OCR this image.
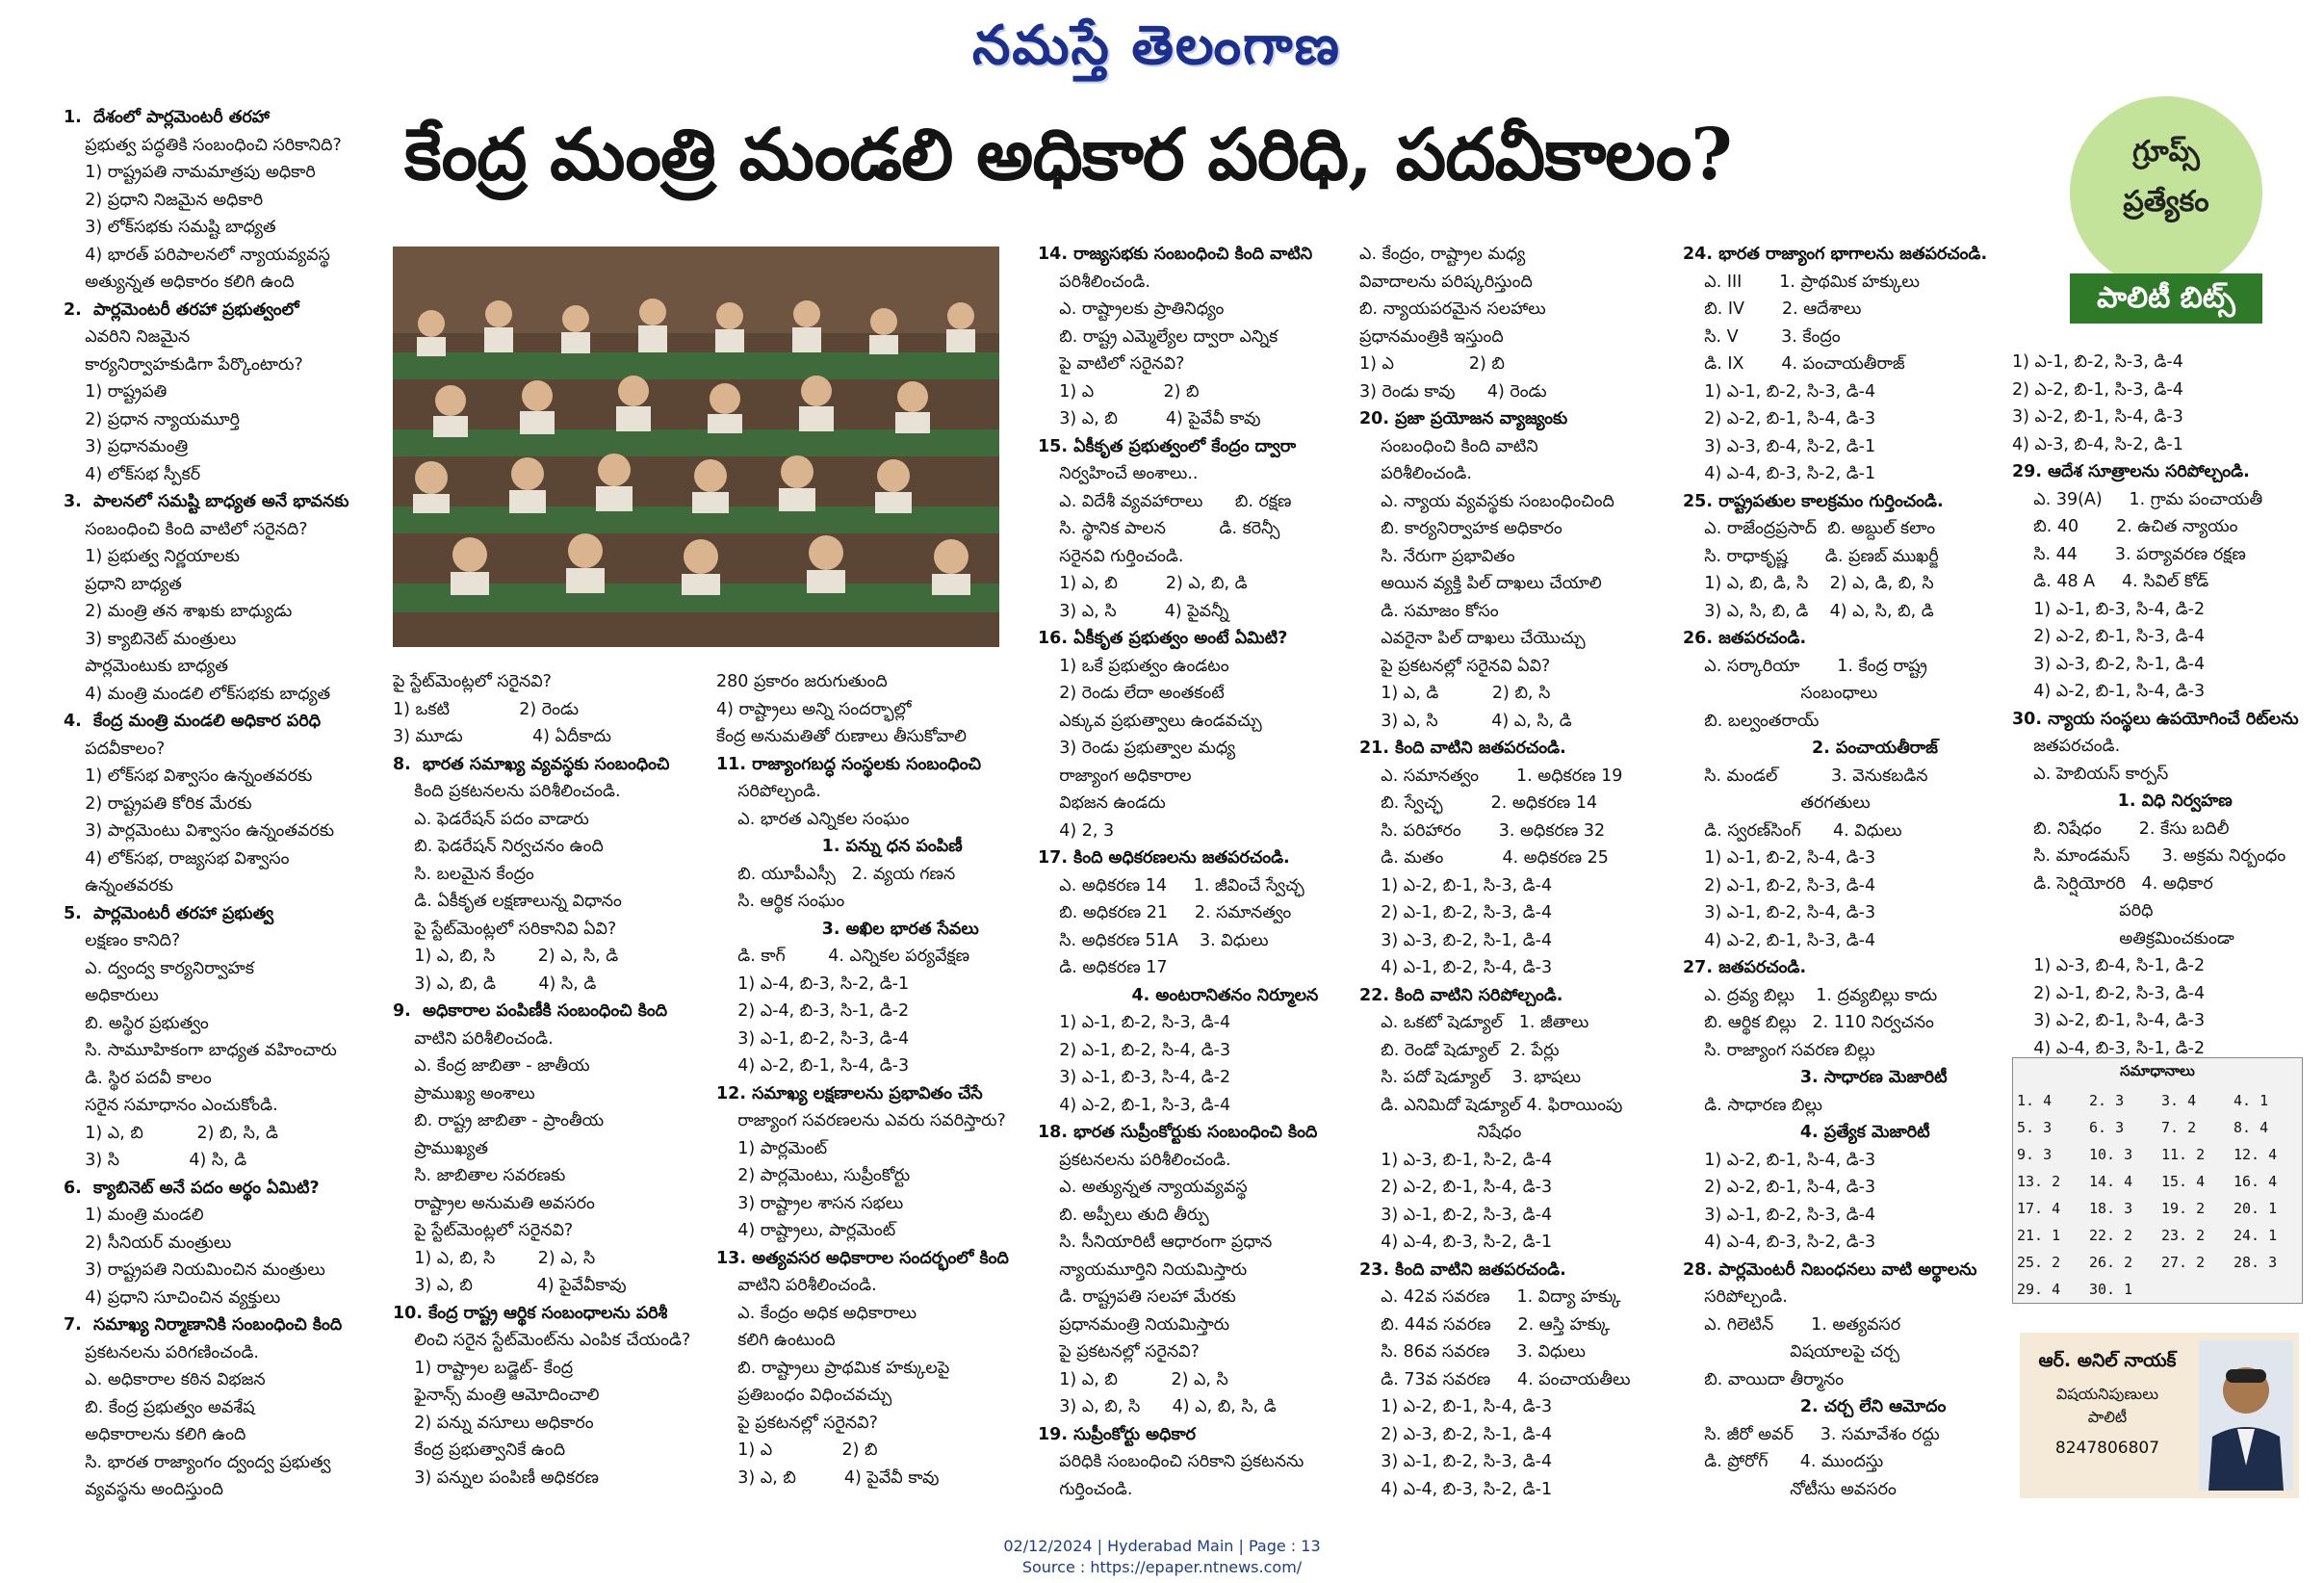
నమస్తే తెలంగాణ
కేంద్ర మంత్రి మండలి అధికార పరిధి, పదవీకాలం?	గ్రూప్స్
ప్రత్యేకం
పాలిటీ బిట్స్
1.  దేశంలో పార్లమెంటరీ తరహా
ప్రభుత్వ పద్ధతికి సంబంధించి సరికానిది?
1) రాష్ట్రపతి నామమాత్రపు అధికారి
2) ప్రధాని నిజమైన అధికారి
3) లోక్‌సభకు సమష్టి బాధ్యత
4) భారత్ పరిపాలనలో న్యాయవ్యవస్థ
అత్యున్నత అధికారం కలిగి ఉంది
2.  పార్లమెంటరీ తరహా ప్రభుత్వంలో
ఎవరిని నిజమైన
కార్యనిర్వాహకుడిగా పేర్కొంటారు?
1) రాష్ట్రపతి
2) ప్రధాన న్యాయమూర్తి
3) ప్రధానమంత్రి
4) లోక్‌సభ స్పీకర్
3.  పాలనలో సమష్టి బాధ్యత అనే భావనకు
సంబంధించి కింది వాటిలో సరైనది?
1) ప్రభుత్వ నిర్ణయాలకు
ప్రధాని బాధ్యత
2) మంత్రి తన శాఖకు బాధ్యుడు
3) క్యాబినెట్ మంత్రులు
పార్లమెంటుకు బాధ్యత
4) మంత్రి మండలి లోక్‌సభకు బాధ్యత
4.  కేంద్ర మంత్రి మండలి అధికార పరిధి
పదవీకాలం?
1) లోక్‌సభ విశ్వాసం ఉన్నంతవరకు
2) రాష్ట్రపతి కోరిక మేరకు
3) పార్లమెంటు విశ్వాసం ఉన్నంతవరకు
4) లోక్‌సభ, రాజ్యసభ విశ్వాసం
ఉన్నంతవరకు
5.  పార్లమెంటరీ తరహా ప్రభుత్వ
లక్షణం కానిది?
ఎ. ద్వంద్వ కార్యనిర్వాహక
అధికారులు
బి. అస్థిర ప్రభుత్వం
సి. సామూహికంగా బాధ్యత వహించారు
డి. స్థిర పదవీ కాలం
సరైన సమాధానం ఎంచుకోండి.
1) ఎ, బి          2) బి, సి, డి
3) సి             4) సి, డి
6.  క్యాబినెట్ అనే పదం అర్థం ఏమిటి?
1) మంత్రి మండలి
2) సీనియర్ మంత్రులు
3) రాష్ట్రపతి నియమించిన మంత్రులు
4) ప్రధాని సూచించిన వ్యక్తులు
7.  సమాఖ్య నిర్మాణానికి సంబంధించి కింది
ప్రకటనలను పరిగణించండి.
ఎ. అధికారాల కఠిన విభజన
బి. కేంద్ర ప్రభుత్వం అవశేష
అధికారాలను కలిగి ఉంది
సి. భారత రాజ్యాంగం ద్వంద్వ ప్రభుత్వ
వ్యవస్థను అందిస్తుంది
పై స్టేట్‌మెంట్లలో సరైనవి?
1) ఒకటి             2) రెండు
3) మూడు             4) ఏదీకాదు
8.  భారత సమాఖ్య వ్యవస్థకు సంబంధించి
కింది ప్రకటనలను పరిశీలించండి.
ఎ. ఫెడరేషన్ పదం వాడారు
బి. ఫెడరేషన్ నిర్వచనం ఉంది
సి. బలమైన కేంద్రం
డి. ఏకీకృత లక్షణాలున్న విధానం
పై స్టేట్‌మెంట్లలో సరికానివి ఏవి?
1) ఎ, బి, సి        2) ఎ, సి, డి
3) ఎ, బి, డి        4) సి, డి
9.  అధికారాల పంపిణీకి సంబంధించి కింది
వాటిని పరిశీలించండి.
ఎ. కేంద్ర జాబితా - జాతీయ
ప్రాముఖ్య అంశాలు
బి. రాష్ట్ర జాబితా - ప్రాంతీయ
ప్రాముఖ్యత
సి. జాబితాల సవరణకు
రాష్ట్రాల అనుమతి అవసరం
పై స్టేట్‌మెంట్లలో సరైనవి?
1) ఎ, బి, సి        2) ఎ, సి
3) ఎ, బి            4) పైవేవీకావు
10. కేంద్ర రాష్ట్ర ఆర్థిక సంబంధాలను పరిశీ
లించి సరైన స్టేట్‌మెంట్‌ను ఎంపిక చేయండి?
1) రాష్ట్రాల బడ్జెట్- కేంద్ర
ఫైనాన్స్ మంత్రి ఆమోదించాలి
2) పన్ను వసూలు అధికారం
కేంద్ర ప్రభుత్వానికే ఉంది
3) పన్నుల పంపిణీ అధికరణ
280 ప్రకారం జరుగుతుంది
4) రాష్ట్రాలు అన్ని సందర్భాల్లో
కేంద్ర అనుమతితో రుణాలు తీసుకోవాలి
11. రాజ్యాంగబద్ధ సంస్థలకు సంబంధించి
సరిపోల్చండి.
ఎ. భారత ఎన్నికల సంఘం
1. పన్ను ధన పంపిణీ
బి. యూపీఎస్సీ   2. వ్యయ గణన
సి. ఆర్థిక సంఘం
3. అఖిల భారత సేవలు
డి. కాగ్        4. ఎన్నికల పర్యవేక్షణ
1) ఎ-4, బి-3, సి-2, డి-1
2) ఎ-4, బి-3, సి-1, డి-2
3) ఎ-1, బి-2, సి-3, డి-4
4) ఎ-2, బి-1, సి-4, డి-3
12. సమాఖ్య లక్షణాలను ప్రభావితం చేసే
రాజ్యాంగ సవరణలను ఎవరు సవరిస్తారు?
1) పార్లమెంట్
2) పార్లమెంటు, సుప్రీంకోర్టు
3) రాష్ట్రాల శాసన సభలు
4) రాష్ట్రాలు, పార్లమెంట్
13. అత్యవసర అధికారాల సందర్భంలో కింది
వాటిని పరిశీలించండి.
ఎ. కేంద్రం అధిక అధికారాలు
కలిగి ఉంటుంది
బి. రాష్ట్రాలు ప్రాథమిక హక్కులపై
ప్రతిబంధం విధించవచ్చు
పై ప్రకటనల్లో సరైనవి?
1) ఎ             2) బి
3) ఎ, బి         4) పైవేవీ కావు
14. రాజ్యసభకు సంబంధించి కింది వాటిని
పరిశీలించండి.
ఎ. రాష్ట్రాలకు ప్రాతినిధ్యం
బి. రాష్ట్ర ఎమ్మెల్యేల ద్వారా ఎన్నిక
పై వాటిలో సరైనవి?
1) ఎ             2) బి
3) ఎ, బి         4) పైవేవీ కావు
15. ఏకీకృత ప్రభుత్వంలో కేంద్రం ద్వారా
నిర్వహించే అంశాలు..
ఎ. విదేశీ వ్యవహారాలు      బి. రక్షణ
సి. స్థానిక పాలన          డి. కరెన్సీ
సరైనవి గుర్తించండి.
1) ఎ, బి         2) ఎ, బి, డి
3) ఎ, సి         4) పైవన్నీ
16. ఏకీకృత ప్రభుత్వం అంటే ఏమిటి?
1) ఒకే ప్రభుత్వం ఉండటం
2) రెండు లేదా అంతకంటే
ఎక్కువ ప్రభుత్వాలు ఉండవచ్చు
3) రెండు ప్రభుత్వాల మధ్య
రాజ్యాంగ అధికారాల
విభజన ఉండదు
4) 2, 3
17. కింది అధికరణలను జతపరచండి.
ఎ. అధికరణ 14     1. జీవించే స్వేచ్ఛ
బి. అధికరణ 21     2. సమానత్వం
సి. అధికరణ 51A    3. విధులు
డి. అధికరణ 17
4. అంటరానితనం నిర్మూలన
1) ఎ-1, బి-2, సి-3, డి-4
2) ఎ-1, బి-2, సి-4, డి-3
3) ఎ-1, బి-3, సి-4, డి-2
4) ఎ-2, బి-1, సి-3, డి-4
18. భారత సుప్రీంకోర్టుకు సంబంధించి కింది
ప్రకటనలను పరిశీలించండి.
ఎ. అత్యున్నత న్యాయవ్యవస్థ
బి. అప్పీలు తుది తీర్పు
సి. సీనియారిటీ ఆధారంగా ప్రధాన
న్యాయమూర్తిని నియమిస్తారు
డి. రాష్ట్రపతి సలహా మేరకు
ప్రధానమంత్రి నియమిస్తారు
పై ప్రకటనల్లో సరైనవి?
1) ఎ, బి          2) ఎ, సి
3) ఎ, బి, సి      4) ఎ, బి, సి, డి
19. సుప్రీంకోర్టు అధికార
పరిధికి సంబంధించి సరికాని ప్రకటనను
గుర్తించండి.
ఎ. కేంద్రం, రాష్ట్రాల మధ్య
వివాదాలను పరిష్కరిస్తుంది
బి. న్యాయపరమైన సలహాలు
ప్రధానమంత్రికి ఇస్తుంది
1) ఎ              2) బి
3) రెండు కావు      4) రెండు
20. ప్రజా ప్రయోజన వ్యాజ్యంకు
సంబంధించి కింది వాటిని
పరిశీలించండి.
ఎ. న్యాయ వ్యవస్థకు సంబంధించింది
బి. కార్యనిర్వాహక అధికారం
సి. నేరుగా ప్రభావితం
అయిన వ్యక్తి పిల్ దాఖలు చేయాలి
డి. సమాజం కోసం
ఎవరైనా పిల్ దాఖలు చేయొచ్చు
పై ప్రకటనల్లో సరైనవి ఏవి?
1) ఎ, డి          2) బి, సి
3) ఎ, సి          4) ఎ, సి, డి
21. కింది వాటిని జతపరచండి.
ఎ. సమానత్వం       1. అధికరణ 19
బి. స్వేచ్ఛ         2. అధికరణ 14
సి. పరిహారం       3. అధికరణ 32
డి. మతం           4. అధికరణ 25
1) ఎ-2, బి-1, సి-3, డి-4
2) ఎ-1, బి-2, సి-3, డి-4
3) ఎ-3, బి-2, సి-1, డి-4
4) ఎ-1, బి-2, సి-4, డి-3
22. కింది వాటిని సరిపోల్చండి.
ఎ. ఒకటో షెడ్యూల్   1. జీతాలు
బి. రెండో షెడ్యూల్  2. పేర్లు
సి. పదో షెడ్యూల్    3. భాషలు
డి. ఎనిమిదో షెడ్యూల్ 4. ఫిరాయింపు
నిషేధం
1) ఎ-3, బి-1, సి-2, డి-4
2) ఎ-2, బి-1, సి-4, డి-3
3) ఎ-1, బి-2, సి-3, డి-4
4) ఎ-4, బి-3, సి-2, డి-1
23. కింది వాటిని జతపరచండి.
ఎ. 42వ సవరణ     1. విద్యా హక్కు
బి. 44వ సవరణ     2. ఆస్తి హక్కు
సి. 86వ సవరణ     3. విధులు
డి. 73వ సవరణ     4. పంచాయతీలు
1) ఎ-2, బి-1, సి-4, డి-3
2) ఎ-3, బి-2, సి-1, డి-4
3) ఎ-1, బి-2, సి-3, డి-4
4) ఎ-4, బి-3, సి-2, డి-1
24. భారత రాజ్యాంగ భాగాలను జతపరచండి.
ఎ. III       1. ప్రాథమిక హక్కులు
బి. IV       2. ఆదేశాలు
సి. V        3. కేంద్రం
డి. IX       4. పంచాయతీరాజ్
1) ఎ-1, బి-2, సి-3, డి-4
2) ఎ-2, బి-1, సి-4, డి-3
3) ఎ-3, బి-4, సి-2, డి-1
4) ఎ-4, బి-3, సి-2, డి-1
25. రాష్ట్రపతుల కాలక్రమం గుర్తించండి.
ఎ. రాజేంద్రప్రసాద్  బి. అబ్దుల్ కలాం
సి. రాధాకృష్ణ       డి. ప్రణబ్ ముఖర్జీ
1) ఎ, బి, డి, సి    2) ఎ, డి, బి, సి
3) ఎ, సి, బి, డి    4) ఎ, సి, బి, డి
26. జతపరచండి.
ఎ. సర్కారియా       1. కేంద్ర రాష్ట్ర
సంబంధాలు
బి. బల్వంతరాయ్
2. పంచాయతీరాజ్
సి. మండల్          3. వెనుకబడిన
తరగతులు
డి. స్వరణ్‌సింగ్      4. విధులు
1) ఎ-1, బి-2, సి-4, డి-3
2) ఎ-1, బి-2, సి-3, డి-4
3) ఎ-1, బి-2, సి-4, డి-3
4) ఎ-2, బి-1, సి-3, డి-4
27. జతపరచండి.
ఎ. ద్రవ్య బిల్లు    1. ద్రవ్యబిల్లు కాదు
బి. ఆర్థిక బిల్లు   2. 110 నిర్వచనం
సి. రాజ్యాంగ సవరణ బిల్లు
3. సాధారణ మెజారిటీ
డి. సాధారణ బిల్లు
4. ప్రత్యేక మెజారిటీ
1) ఎ-2, బి-1, సి-4, డి-3
2) ఎ-2, బి-1, సి-4, డి-3
3) ఎ-1, బి-2, సి-3, డి-4
4) ఎ-4, బి-3, సి-2, డి-3
28. పార్లమెంటరీ నిబంధనలు వాటి అర్థాలను
సరిపోల్చండి.
ఎ. గిలెటిన్       1. అత్యవసర
విషయాలపై చర్చ
బి. వాయిదా తీర్మానం
2. చర్చ లేని ఆమోదం
సి. జీరో అవర్     3. సమావేశం రద్దు
డి. ప్రోరోగ్      4. ముందస్తు
నోటీసు అవసరం
1) ఎ-1, బి-2, సి-3, డి-4
2) ఎ-2, బి-1, సి-3, డి-4
3) ఎ-2, బి-1, సి-4, డి-3
4) ఎ-3, బి-4, సి-2, డి-1
29. ఆదేశ సూత్రాలను సరిపోల్చండి.
ఎ. 39(A)     1. గ్రామ పంచాయతీ
బి. 40       2. ఉచిత న్యాయం
సి. 44       3. పర్యావరణ రక్షణ
డి. 48 A     4. సివిల్ కోడ్
1) ఎ-1, బి-3, సి-4, డి-2
2) ఎ-2, బి-1, సి-3, డి-4
3) ఎ-3, బి-2, సి-1, డి-4
4) ఎ-2, బి-1, సి-4, డి-3
30. న్యాయ సంస్థలు ఉపయోగించే రిట్‌లను
జతపరచండి.
ఎ. హెబియస్ కార్పస్
1. విధి నిర్వహణ
బి. నిషేధం       2. కేసు బదిలీ
సి. మాండమస్      3. అక్రమ నిర్బంధం
డి. సెర్షియోరరి   4. అధికార
పరిధి
అతిక్రమించకుండా
1) ఎ-3, బి-4, సి-1, డి-2
2) ఎ-1, బి-2, సి-3, డి-4
3) ఎ-2, బి-1, సి-4, డి-3
4) ఎ-4, బి-3, సి-1, డి-2
సమాధానాలు
1. 4	2. 3	3. 4	4. 1
5. 3	6. 3	7. 2	8. 4
9. 3	10. 3	11. 2	12. 4
13. 2	14. 4	15. 4	16. 4
17. 4	18. 3	19. 2	20. 1
21. 1	22. 2	23. 2	24. 1
25. 2	26. 2	27. 2	28. 3
29. 4	30. 1		
ఆర్. అనిల్ నాయక్
విషయనిపుణులు
పాలిటీ
8247806807
02/12/2024 | Hyderabad Main | Page : 13
Source : https://epaper.ntnews.com/
